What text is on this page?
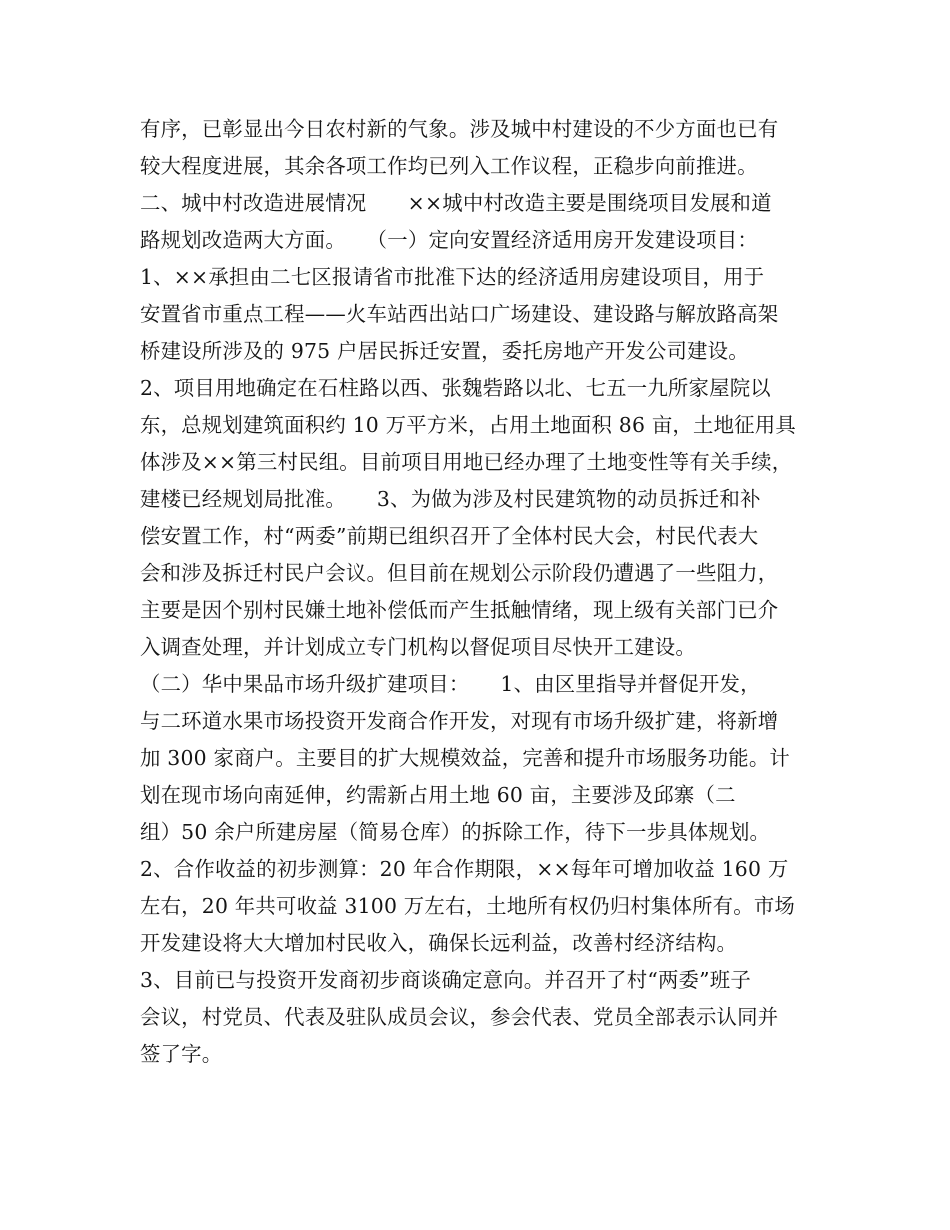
有序，已彰显出今日农村新的气象。涉及城中村建设的不少方面也已有
较大程度进展，其余各项工作均已列入工作议程，正稳步向前推进。
二、城中村改造进展情况　　××城中村改造主要是围绕项目发展和道
路规划改造两大方面。　　（一）定向安置经济适用房开发建设项目：
1、××承担由二七区报请省市批准下达的经济适用房建设项目，用于
安置省市重点工程——火车站西出站口广场建设、建设路与解放路高架
桥建设所涉及的 975 户居民拆迁安置，委托房地产开发公司建设。
2、项目用地确定在石柱路以西、张魏砦路以北、七五一九所家屋院以
东，总规划建筑面积约 10 万平方米，占用土地面积 86 亩，土地征用具
体涉及××第三村民组。目前项目用地已经办理了土地变性等有关手续，
建楼已经规划局批准。　　3、为做为涉及村民建筑物的动员拆迁和补
偿安置工作，村“两委”前期已组织召开了全体村民大会，村民代表大
会和涉及拆迁村民户会议。但目前在规划公示阶段仍遭遇了一些阻力，
主要是因个别村民嫌土地补偿低而产生抵触情绪，现上级有关部门已介
入调查处理，并计划成立专门机构以督促项目尽快开工建设。
（二）华中果品市场升级扩建项目：　　1、由区里指导并督促开发，
与二环道水果市场投资开发商合作开发，对现有市场升级扩建，将新增
加 300 家商户。主要目的扩大规模效益，完善和提升市场服务功能。计
划在现市场向南延伸，约需新占用土地 60 亩，主要涉及邱寨（二
组）50 余户所建房屋（简易仓库）的拆除工作，待下一步具体规划。
2、合作收益的初步测算：20 年合作期限，××每年可增加收益 160 万
左右，20 年共可收益 3100 万左右，土地所有权仍归村集体所有。市场
开发建设将大大增加村民收入，确保长远利益，改善村经济结构。
3、目前已与投资开发商初步商谈确定意向。并召开了村“两委”班子
会议，村党员、代表及驻队成员会议，参会代表、党员全部表示认同并
签了字。
